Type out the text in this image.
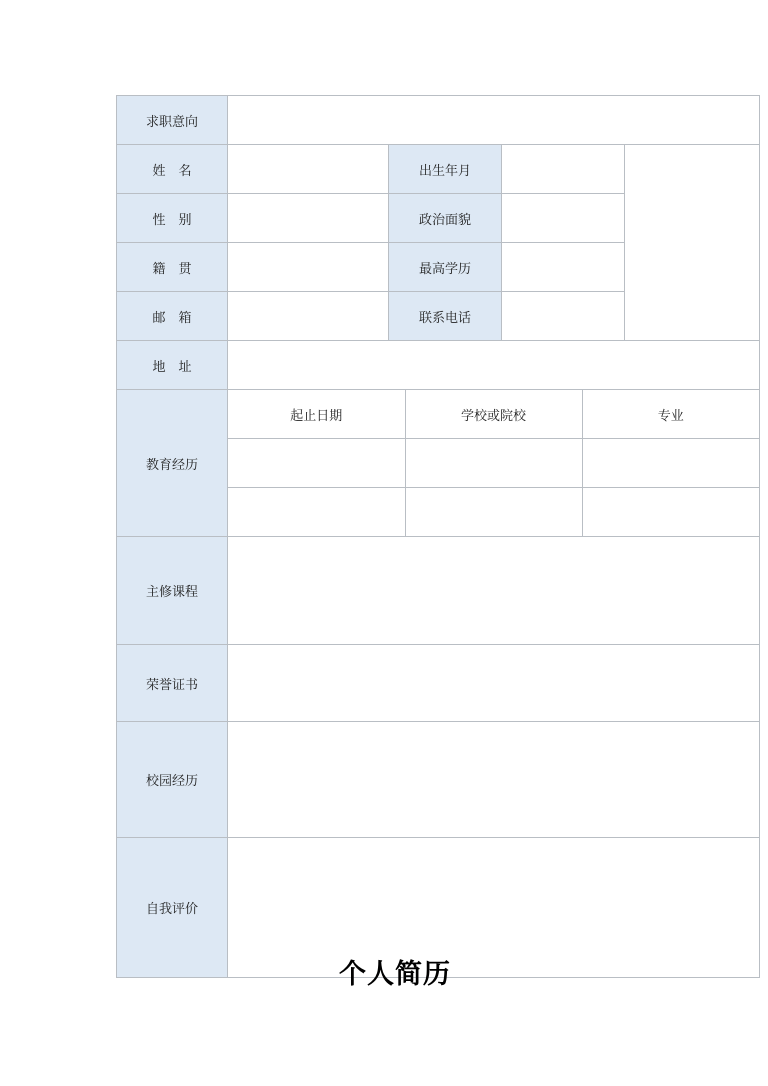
求职意向	
姓　名		出生年月		
性　别		政治面貌	
籍　贯		最高学历	
邮　箱		联系电话	
地　址	
教育经历	
起止日期	学校或院校	专业

主修课程	
荣誉证书	
校园经历	
自我评价	
个人简历
